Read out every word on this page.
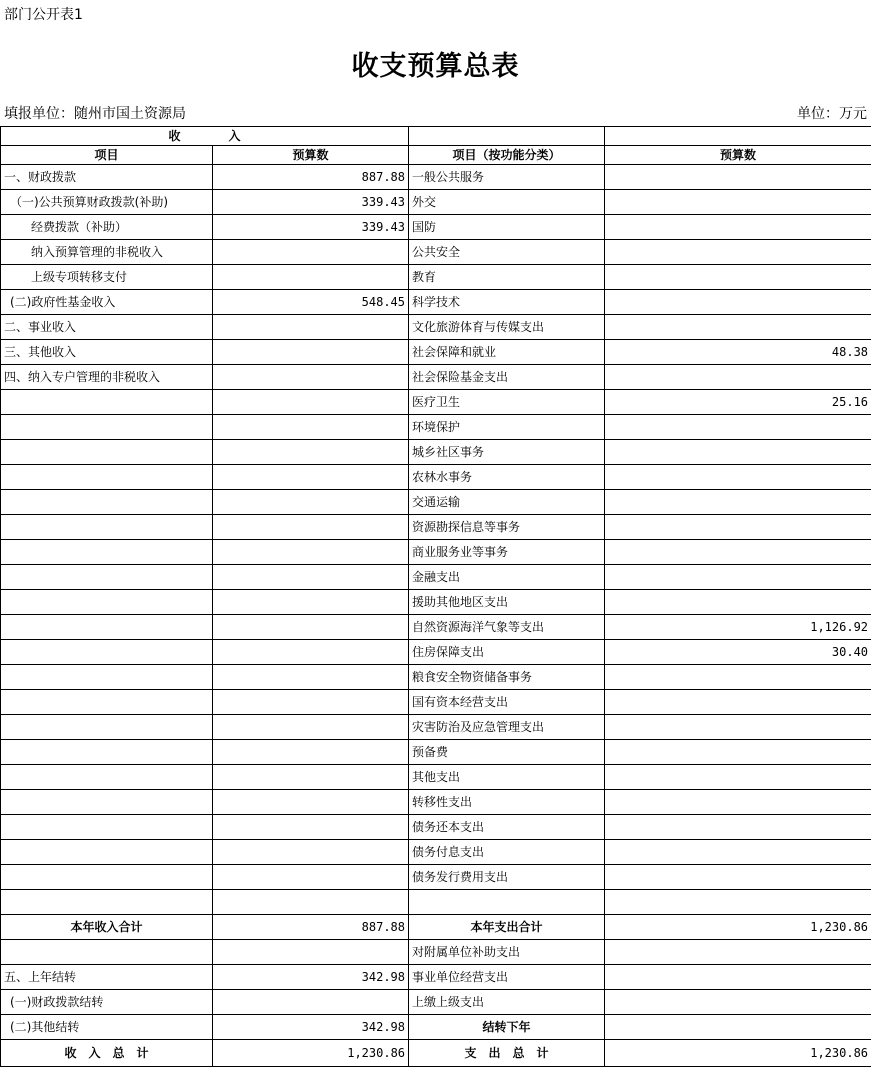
部门公开表1
收支预算总表
填报单位：随州市国土资源局	单位：万元
收　　　　入			
项目	预算数	项目（按功能分类）	预算数
一、财政拨款	887.88	一般公共服务	
（一)公共预算财政拨款(补助)	339.43	外交	
经费拨款（补助）	339.43	国防	
纳入预算管理的非税收入		公共安全	
上级专项转移支付		教育	
(二)政府性基金收入	548.45	科学技术	
二、事业收入		文化旅游体育与传媒支出	
三、其他收入		社会保障和就业	48.38
四、纳入专户管理的非税收入		社会保险基金支出	
		医疗卫生	25.16
		环境保护	
		城乡社区事务	
		农林水事务	
		交通运输	
		资源勘探信息等事务	
		商业服务业等事务	
		金融支出	
		援助其他地区支出	
		自然资源海洋气象等支出	1,126.92
		住房保障支出	30.40
		粮食安全物资储备事务	
		国有资本经营支出	
		灾害防治及应急管理支出	
		预备费	
		其他支出	
		转移性支出	
		债务还本支出	
		债务付息支出	
		债务发行费用支出	

本年收入合计	887.88	本年支出合计	1,230.86
		对附属单位补助支出	
五、上年结转	342.98	事业单位经营支出	
(一)财政拨款结转		上缴上级支出	
(二)其他结转	342.98	结转下年	
收　入　总　计	1,230.86	支　出　总　计	1,230.86
